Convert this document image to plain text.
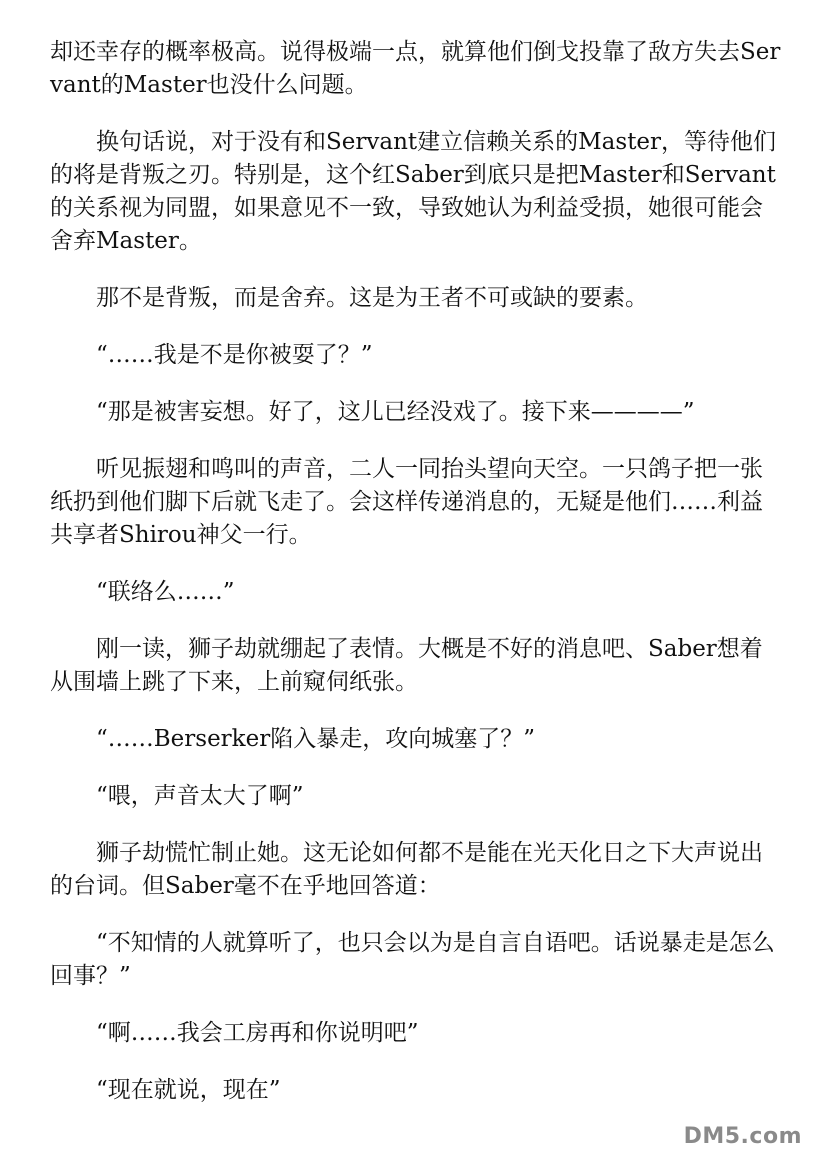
却还幸存的概率极高。说得极端一点，就算他们倒戈投靠了敌方失去Servant的Master也没什么问题。

换句话说，对于没有和Servant建立信赖关系的Master，等待他们的将是背叛之刃。特别是，这个红Saber到底只是把Master和Servant的关系视为同盟，如果意见不一致，导致她认为利益受损，她很可能会舍弃Master。

那不是背叛，而是舍弃。这是为王者不可或缺的要素。

“……我是不是你被耍了？”

“那是被害妄想。好了，这儿已经没戏了。接下来————”

听见振翅和鸣叫的声音，二人一同抬头望向天空。一只鸽子把一张纸扔到他们脚下后就飞走了。会这样传递消息的，无疑是他们……利益共享者Shirou神父一行。

“联络么……”

刚一读，狮子劫就绷起了表情。大概是不好的消息吧、Saber想着从围墙上跳了下来，上前窥伺纸张。

“……Berserker陷入暴走，攻向城塞了？”

“喂，声音太大了啊”

狮子劫慌忙制止她。这无论如何都不是能在光天化日之下大声说出的台词。但Saber毫不在乎地回答道：

“不知情的人就算听了，也只会以为是自言自语吧。话说暴走是怎么回事？”

“啊……我会工房再和你说明吧”

“现在就说，现在”

DM5.com
